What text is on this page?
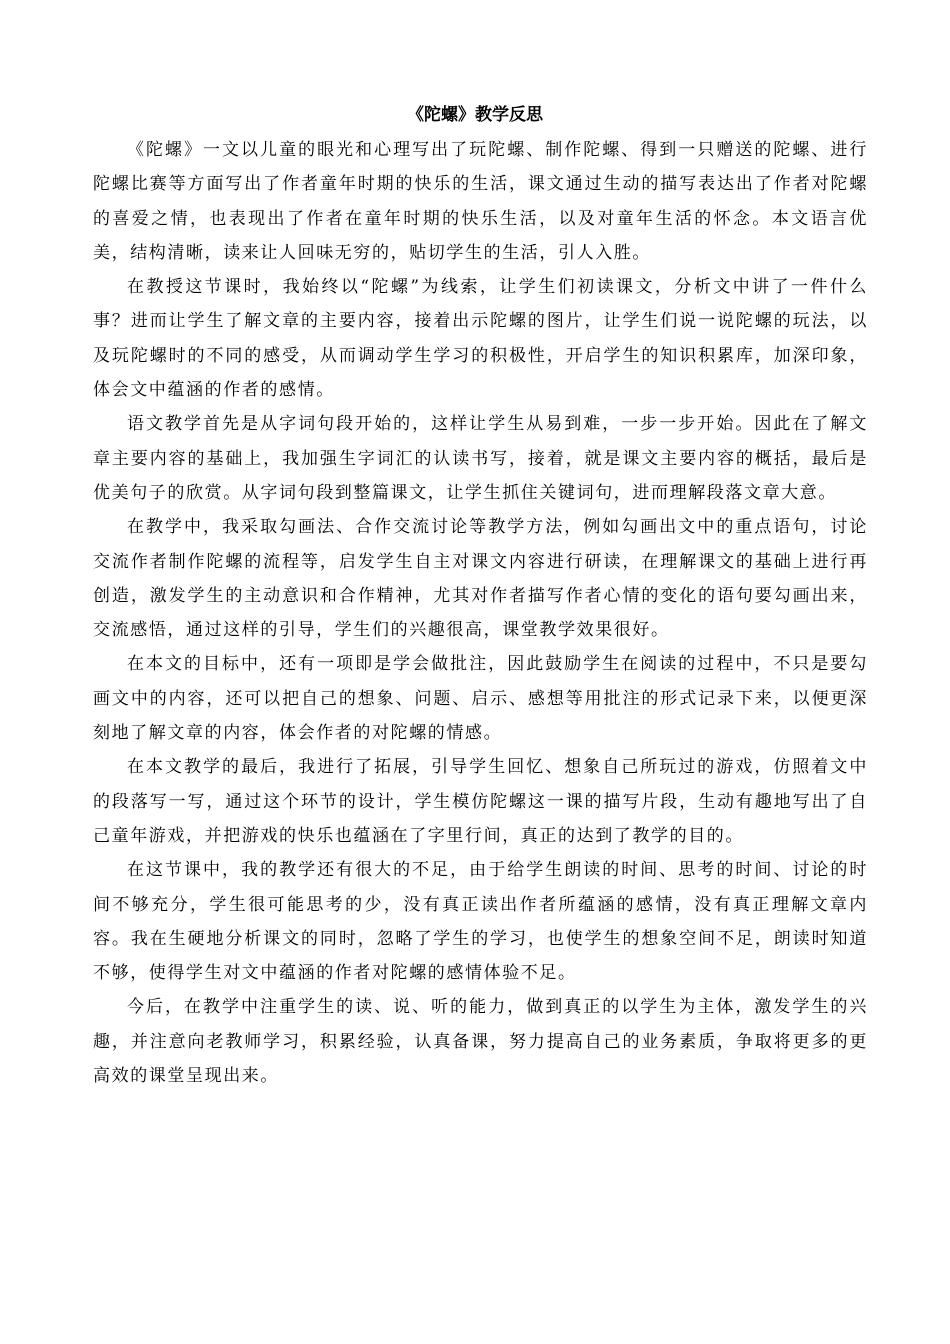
《陀螺》教学反思

《陀螺》一文以儿童的眼光和心理写出了玩陀螺、制作陀螺、得到一只赠送的陀螺、进行陀螺比赛等方面写出了作者童年时期的快乐的生活，课文通过生动的描写表达出了作者对陀螺的喜爱之情，也表现出了作者在童年时期的快乐生活，以及对童年生活的怀念。本文语言优美，结构清晰，读来让人回味无穷的，贴切学生的生活，引人入胜。

在教授这节课时，我始终以“陀螺”为线索，让学生们初读课文，分析文中讲了一件什么事？进而让学生了解文章的主要内容，接着出示陀螺的图片，让学生们说一说陀螺的玩法，以及玩陀螺时的不同的感受，从而调动学生学习的积极性，开启学生的知识积累库，加深印象，体会文中蕴涵的作者的感情。

语文教学首先是从字词句段开始的，这样让学生从易到难，一步一步开始。因此在了解文章主要内容的基础上，我加强生字词汇的认读书写，接着，就是课文主要内容的概括，最后是优美句子的欣赏。从字词句段到整篇课文，让学生抓住关键词句，进而理解段落文章大意。

在教学中，我采取勾画法、合作交流讨论等教学方法，例如勾画出文中的重点语句，讨论交流作者制作陀螺的流程等，启发学生自主对课文内容进行研读，在理解课文的基础上进行再创造，激发学生的主动意识和合作精神，尤其对作者描写作者心情的变化的语句要勾画出来，交流感悟，通过这样的引导，学生们的兴趣很高，课堂教学效果很好。

在本文的目标中，还有一项即是学会做批注，因此鼓励学生在阅读的过程中，不只是要勾画文中的内容，还可以把自己的想象、问题、启示、感想等用批注的形式记录下来，以便更深刻地了解文章的内容，体会作者的对陀螺的情感。

在本文教学的最后，我进行了拓展，引导学生回忆、想象自己所玩过的游戏，仿照着文中的段落写一写，通过这个环节的设计，学生模仿陀螺这一课的描写片段，生动有趣地写出了自己童年游戏，并把游戏的快乐也蕴涵在了字里行间，真正的达到了教学的目的。

在这节课中，我的教学还有很大的不足，由于给学生朗读的时间、思考的时间、讨论的时间不够充分，学生很可能思考的少，没有真正读出作者所蕴涵的感情，没有真正理解文章内容。我在生硬地分析课文的同时，忽略了学生的学习，也使学生的想象空间不足，朗读时知道不够，使得学生对文中蕴涵的作者对陀螺的感情体验不足。

今后，在教学中注重学生的读、说、听的能力，做到真正的以学生为主体，激发学生的兴趣，并注意向老教师学习，积累经验，认真备课，努力提高自己的业务素质，争取将更多的更高效的课堂呈现出来。
